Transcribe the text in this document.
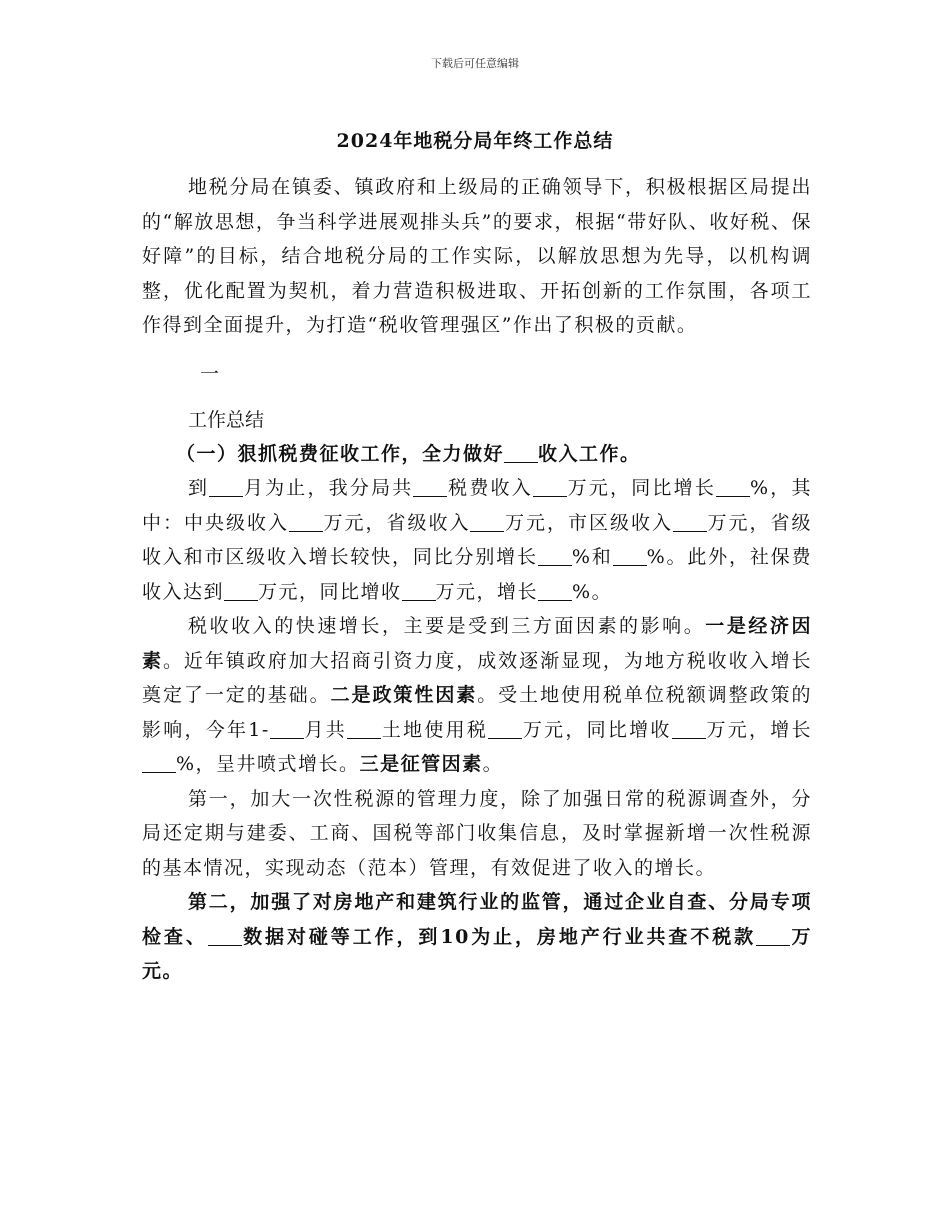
下载后可任意编辑
2024年地税分局年终工作总结

地税分局在镇委、镇政府和上级局的正确领导下，积极根据区局提出的“解放思想，争当科学进展观排头兵”的要求，根据“带好队、收好税、保好障”的目标，结合地税分局的工作实际，以解放思想为先导，以机构调整，优化配置为契机，着力营造积极进取、开拓创新的工作氛围，各项工作得到全面提升，为打造“税收管理强区”作出了积极的贡献。

一
工作总结

（一）狠抓税费征收工作，全力做好 收入工作。

到 月为止，我分局共 税费收入 万元，同比增长 %，其中：中央级收入 万元，省级收入 万元，市区级收入 万元，省级收入和市区级收入增长较快，同比分别增长 %和 %。此外，社保费收入达到 万元，同比增收 万元，增长 %。

税收收入的快速增长，主要是受到三方面因素的影响。一是经济因素。近年镇政府加大招商引资力度，成效逐渐显现，为地方税收收入增长奠定了一定的基础。二是政策性因素。受土地使用税单位税额调整政策的影响，今年1- 月共 土地使用税 万元，同比增收 万元，增长%，呈井喷式增长。三是征管因素。

第一，加大一次性税源的管理力度，除了加强日常的税源调查外，分局还定期与建委、工商、国税等部门收集信息，及时掌握新增一次性税源的基本情况，实现动态（范本）管理，有效促进了收入的增长。

第二，加强了对房地产和建筑行业的监管，通过企业自查、分局专项检查、 数据对碰等工作，到10为止，房地产行业共查不税款 万元。
